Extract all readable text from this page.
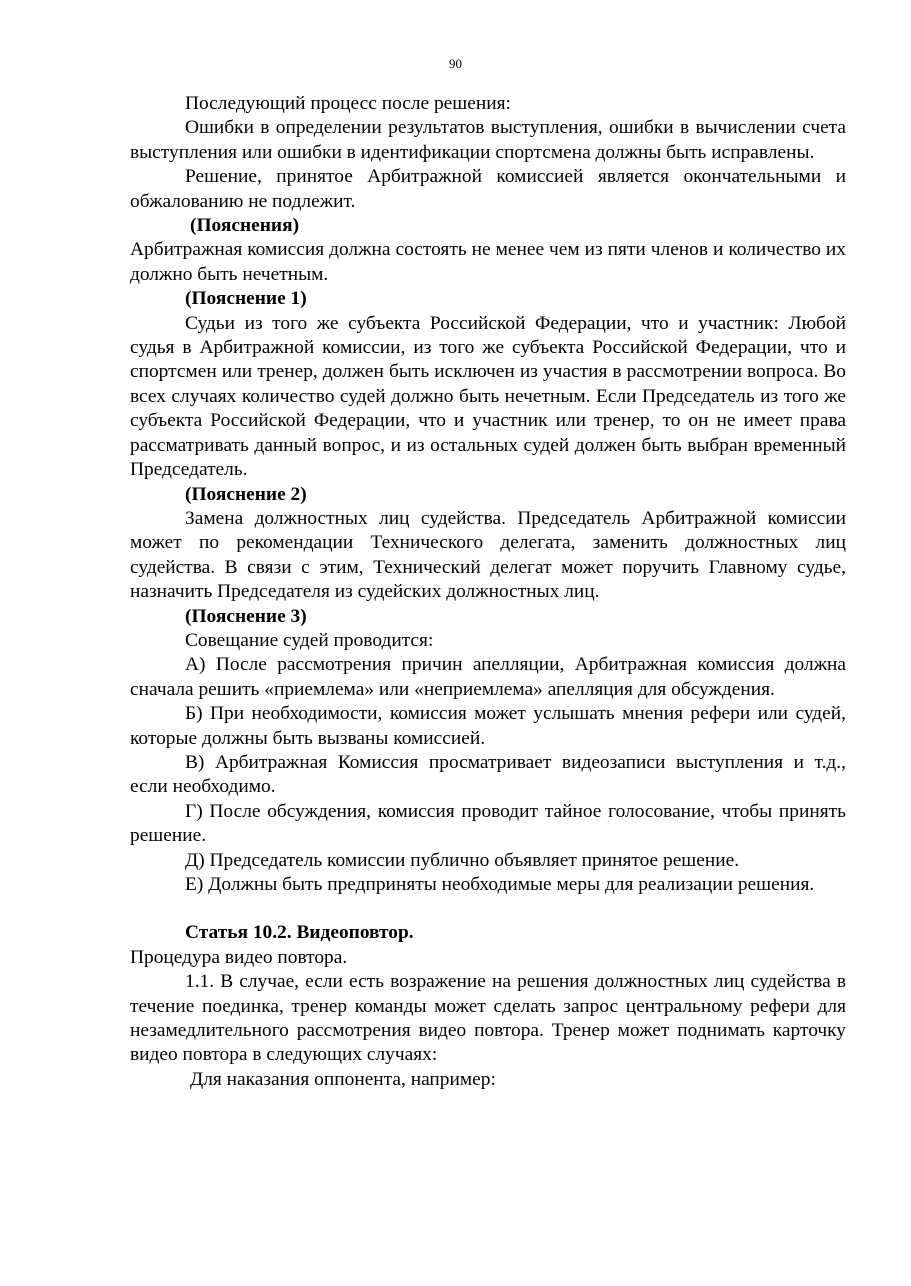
90

Последующий процесс после решения:

Ошибки в определении результатов выступления, ошибки в вычислении счета выступления или ошибки в идентификации спортсмена должны быть исправлены.

Решение, принятое Арбитражной комиссией является окончательными и обжалованию не подлежит.

(Пояснения)

Арбитражная комиссия должна состоять не менее чем из пяти членов и количество их должно быть нечетным.

(Пояснение 1)

Судьи из того же субъекта Российской Федерации, что и участник: Любой судья в Арбитражной комиссии, из того же субъекта Российской Федерации, что и спортсмен или тренер, должен быть исключен из участия в рассмотрении вопроса. Во всех случаях количество судей должно быть нечетным. Если Председатель из того же субъекта Российской Федерации, что и участник или тренер, то он не имеет права рассматривать данный вопрос, и из остальных судей должен быть выбран временный Председатель.

(Пояснение 2)

Замена должностных лиц судейства. Председатель Арбитражной комиссии может по рекомендации Технического делегата, заменить должностных лиц судейства. В связи с этим, Технический делегат может поручить Главному судье, назначить Председателя из судейских должностных лиц.

(Пояснение 3)

Совещание судей проводится:

А) После рассмотрения причин апелляции, Арбитражная комиссия должна сначала решить «приемлема» или «неприемлема» апелляция для обсуждения.

Б) При необходимости, комиссия может услышать мнения рефери или судей, которые должны быть вызваны комиссией.

В) Арбитражная Комиссия просматривает видеозаписи выступления и т.д., если необходимо.

Г) После обсуждения, комиссия проводит тайное голосование, чтобы принять решение.

Д) Председатель комиссии публично объявляет принятое решение.

Е) Должны быть предприняты необходимые меры для реализации решения.

Статья 10.2. Видеоповтор.

Процедура видео повтора.

1.1. В случае, если есть возражение на решения должностных лиц судейства в течение поединка, тренер команды может сделать запрос центральному рефери для незамедлительного рассмотрения видео повтора. Тренер может поднимать карточку видео повтора в следующих случаях:

Для наказания оппонента, например:
